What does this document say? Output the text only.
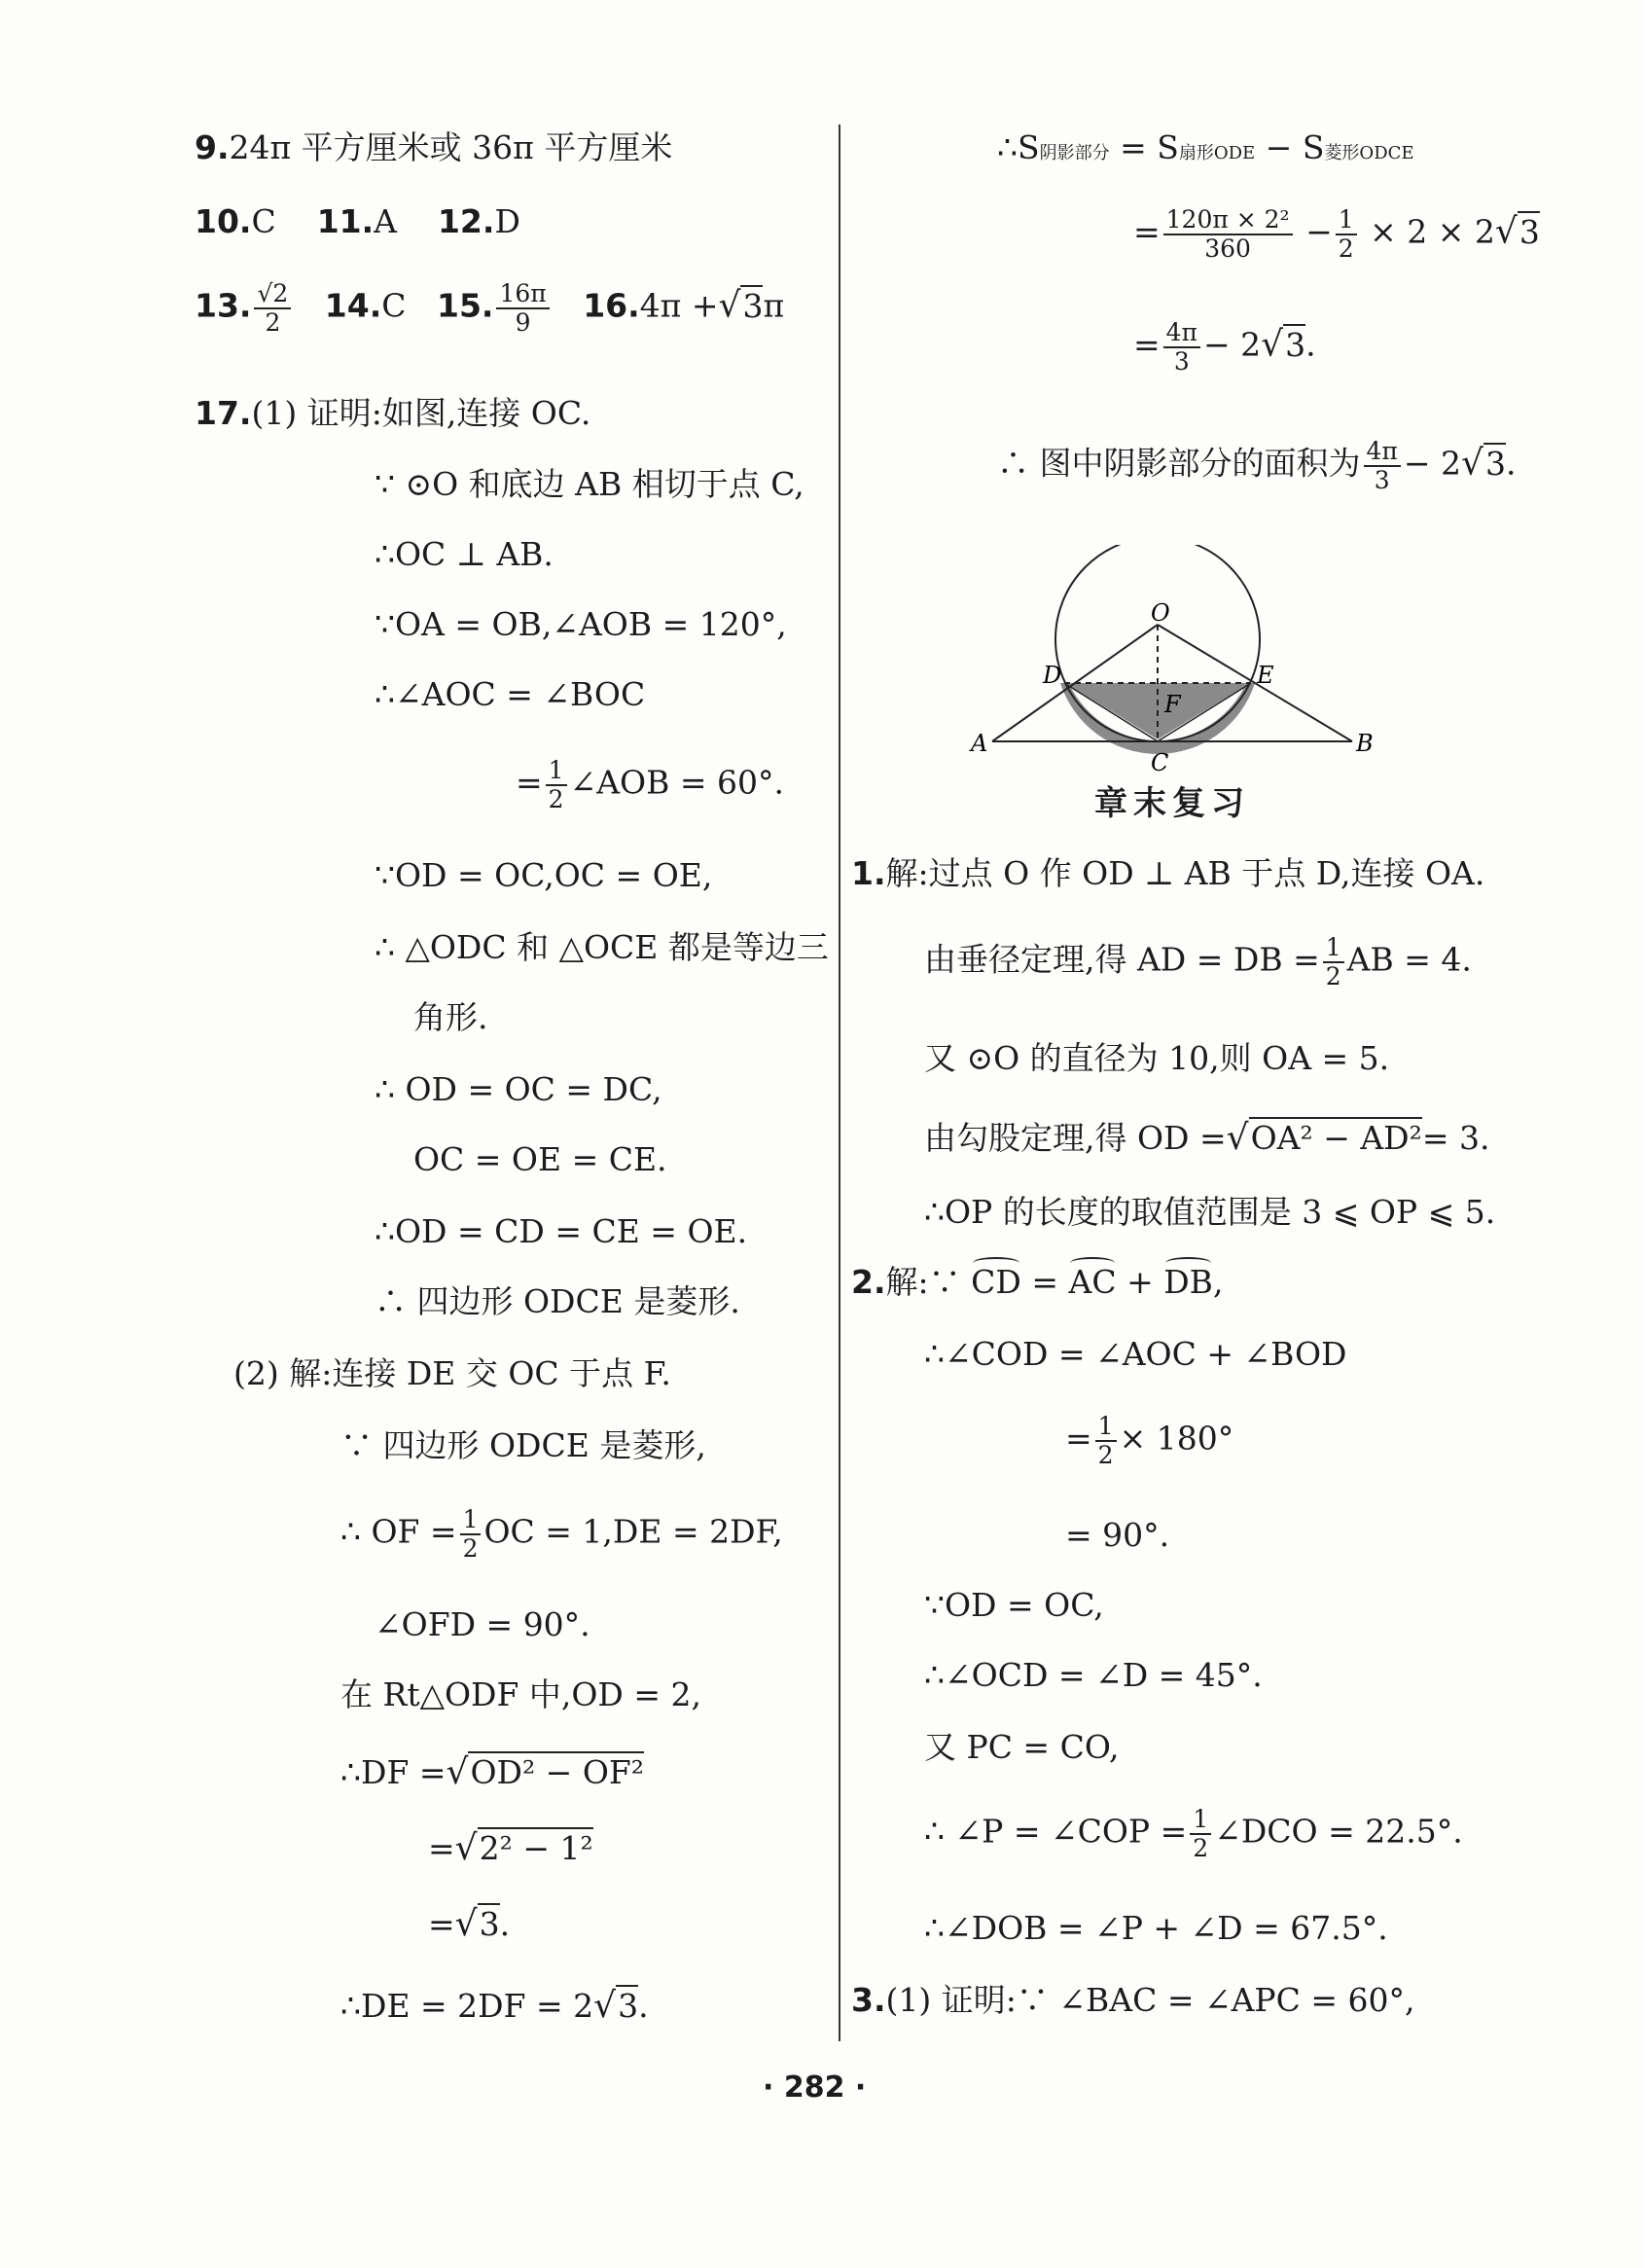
9.24π 平方厘米或 36π 平方厘米
10.C 11.A 12.D
13. $\frac{√2}{2} 14.C$ 15. $\frac{16\pi}{9} 16.4\pi +√3\pi$
17.(1) 证明:如图,连接 OC.
∵ ⊙O 和底边 AB 相切于点 C,
∴OC ⊥ AB.
∵OA = OB,∠AOB = 120°,
∴∠AOC = ∠BOC
= $\frac{1}{2}$ ∠AOB = 60°.
∵OD = OC,OC = OE,
∴ △ODC 和 △OCE 都是等边三
角形.
∴ OD = OC = DC,
OC = OE = CE.
∴OD = CD = CE = OE.
∴ 四边形 ODCE 是菱形.
(2) 解:连接 DE 交 OC 于点 F.
∵ 四边形 ODCE 是菱形,
∴ OF = $\frac{1}{2}$ OC = 1,DE = 2DF,
∠OFD = 90°.
在 Rt△ODF 中,OD = 2,
∴DF =√OD² − OF²
=√2² − 1²
=√3.
∴DE = 2DF = 2√3.
∴S阴影部分 = S扇形ODE − S菱形ODCE
= $\frac{\text{120π × 2²}}{360} - \frac{1}{2} \times 2 \times 2√3$
= $\frac{4\pi}{3} - 2√3$.
∴ 图中阴影部分的面积为 $\frac{4\pi}{3} - 2√3$.
O
D	E
F
A	B
C
章末复习
1.解:过点 O 作 OD ⊥ AB 于点 D,连接 OA.
由垂径定理,得 AD = DB = $\frac{1}{2}$ AB = 4.
又 ⊙O 的直径为 10,则 OA = 5.
由勾股定理,得 OD =√OA² − AD²= 3.
∴OP 的长度的取值范围是 3 ⩽ OP ⩽ 5.
2.解:∵ CD = AC + DB,
∴∠COD = ∠AOC + ∠BOD
= $\frac{1}{2} \times 180^\circ$
= 90°.
∵OD = OC,
∴∠OCD = ∠D = 45°.
又 PC = CO,
∴ ∠P = ∠COP = $\frac{1}{2}$ ∠DCO = 22.5°.
∴∠DOB = ∠P + ∠D = 67.5°.
3.(1) 证明:∵ ∠BAC = ∠APC = 60°,
· 282 ·
